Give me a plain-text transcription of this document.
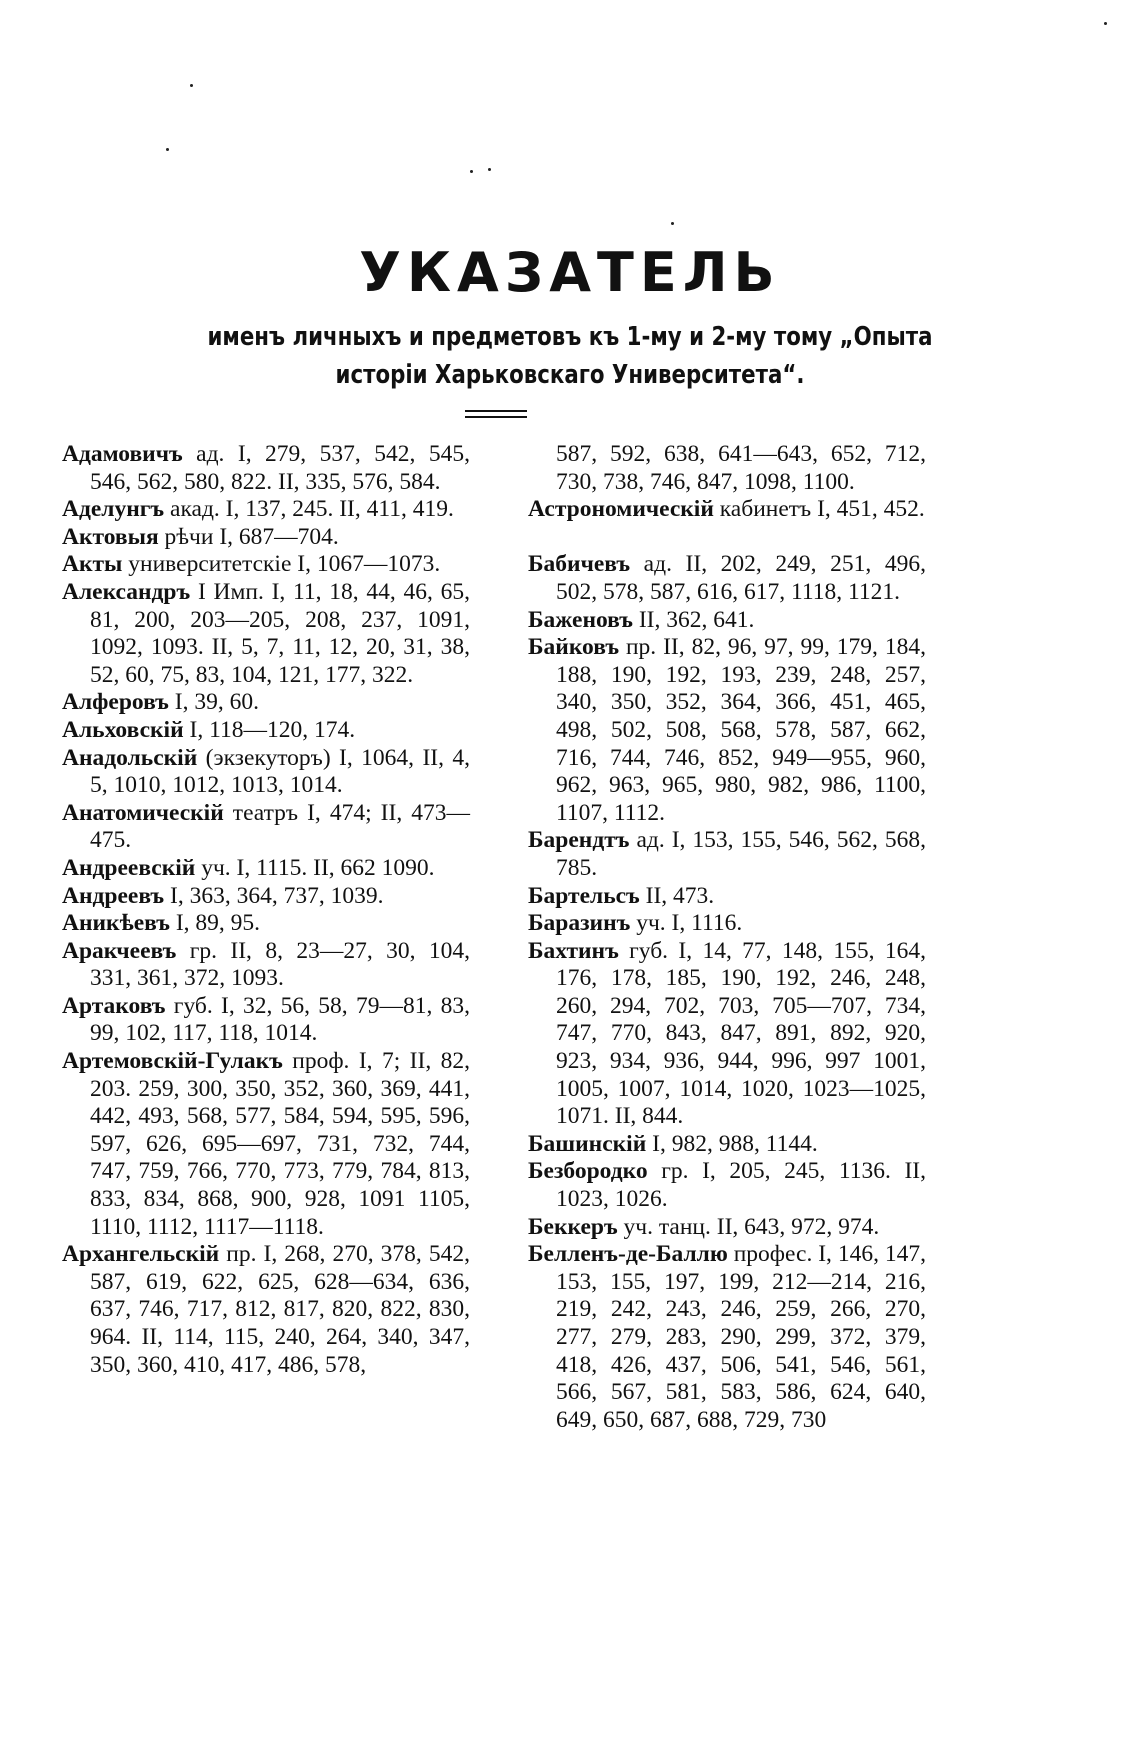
УКАЗАТЕЛЬ
именъ личныхъ и предметовъ къ 1-му и 2-му тому „Опыта
исторіи Харьковскаго Университета“.

Адамовичъ ад. I, 279, 537, 542, 545, 546, 562, 580, 822. II, 335, 576, 584.

Аделунгъ акад. I, 137, 245. II, 411, 419.

Актовыя рѣчи I, 687—704.

Акты университетскіе I, 1067—1073.

Александръ I Имп. I, 11, 18, 44, 46, 65, 81, 200, 203—205, 208, 237, 1091, 1092, 1093. II, 5, 7, 11, 12, 20, 31, 38, 52, 60, 75, 83, 104, 121, 177, 322.

Алферовъ I, 39, 60.

Альховскій I, 118—120, 174.

Анадольскій (экзекуторъ) I, 1064, II, 4, 5, 1010, 1012, 1013, 1014.

Анатомическій театръ I, 474; II, 473—475.

Андреевскій уч. I, 1115. II, 662 1090.

Андреевъ I, 363, 364, 737, 1039.

Аникѣевъ I, 89, 95.

Аракчеевъ гр. II, 8, 23—27, 30, 104, 331, 361, 372, 1093.

Артаковъ губ. I, 32, 56, 58, 79—81, 83, 99, 102, 117, 118, 1014.

Артемовскій-Гулакъ проф. I, 7; II, 82, 203. 259, 300, 350, 352, 360, 369, 441, 442, 493, 568, 577, 584, 594, 595, 596, 597, 626, 695—697, 731, 732, 744, 747, 759, 766, 770, 773, 779, 784, 813, 833, 834, 868, 900, 928, 1091 1105, 1110, 1112, 1117—1118.

Архангельскій пр. I, 268, 270, 378, 542, 587, 619, 622, 625, 628—634, 636, 637, 746, 717, 812, 817, 820, 822, 830, 964. II, 114, 115, 240, 264, 340, 347, 350, 360, 410, 417, 486, 578,

587, 592, 638, 641—643, 652, 712, 730, 738, 746, 847, 1098, 1100.

Астрономическій кабинетъ I, 451, 452.

Бабичевъ ад. II, 202, 249, 251, 496, 502, 578, 587, 616, 617, 1118, 1121.

Баженовъ II, 362, 641.

Байковъ пр. II, 82, 96, 97, 99, 179, 184, 188, 190, 192, 193, 239, 248, 257, 340, 350, 352, 364, 366, 451, 465, 498, 502, 508, 568, 578, 587, 662, 716, 744, 746, 852, 949—955, 960, 962, 963, 965, 980, 982, 986, 1100, 1107, 1112.

Барендтъ ад. I, 153, 155, 546, 562, 568, 785.

Бартельсъ II, 473.

Баразинъ уч. I, 1116.

Бахтинъ губ. I, 14, 77, 148, 155, 164, 176, 178, 185, 190, 192, 246, 248, 260, 294, 702, 703, 705—707, 734, 747, 770, 843, 847, 891, 892, 920, 923, 934, 936, 944, 996, 997 1001, 1005, 1007, 1014, 1020, 1023—1025, 1071. II, 844.

Башинскій I, 982, 988, 1144.

Безбородко гр. I, 205, 245, 1136. II, 1023, 1026.

Беккеръ уч. танц. II, 643, 972, 974.

Белленъ-де-Баллю профес. I, 146, 147, 153, 155, 197, 199, 212—214, 216, 219, 242, 243, 246, 259, 266, 270, 277, 279, 283, 290, 299, 372, 379, 418, 426, 437, 506, 541, 546, 561, 566, 567, 581, 583, 586, 624, 640, 649, 650, 687, 688, 729, 730
